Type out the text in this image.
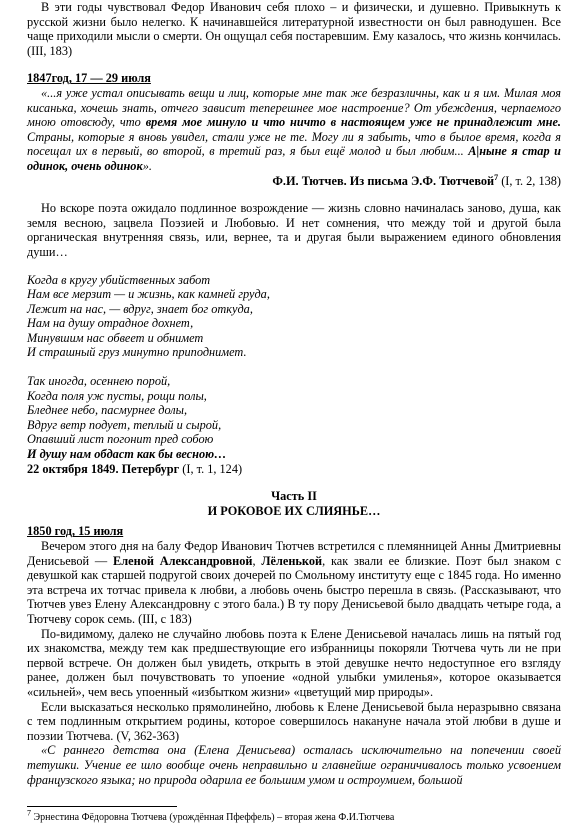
В эти годы чувствовал Федор Иванович себя плохо – и физически, и душевно. Привыкнуть к русской жизни было нелегко. К начинавшейся литературной известности он был равнодушен. Все чаще приходили мысли о смерти. Он ощущал себя постаревшим. Ему казалось, что жизнь кончилась.(III, 183)

1847год, 17 — 29 июля

«...я уже устал описывать вещи и лиц, которые мне так же безразличны, как и я им. Милая моя кисанька, хочешь знать, отчего зависит теперешнее мое настроение? От убеждения, черпаемого мною отовсюду, что время мое минуло и что ничто в настоящем уже не принадлежит мне. Страны, которые я вновь увидел, стали уже не те. Могу ли я забыть, что в былое время, когда я посещал их в первый, во второй, в третий раз, я был ещё молод и был любим... А|ныне я стар и одинок, очень одинок».

Ф.И. Тютчев. Из письма Э.Ф. Тютчевой$^7$ (I, т. 2, 138)

Но вскоре поэта ожидало подлинное возрождение — жизнь словно начиналась заново, душа, как земля весною, зацвела Поэзией и Любовью. И нет сомнения, что между той и другой была органическая внутренняя связь, или, вернее, та и другая были выражением единого обновления души…

Когда в кругу убийственных забот
Нам все мерзит — и жизнь, как камней груда,
Лежит на нас, — вдруг, знает бог откуда,
Нам на душу отрадное дохнет,
Минувшим нас обвеет и обнимет
И страшный груз минутно приподнимет.
Так иногда, осеннею порой,
Когда поля уж пусты, рощи полы,
Бледнее небо, пасмурнее долы,
Вдруг ветр подует, теплый и сырой,
Опавший лист погонит пред собою
И душу нам обдаст как бы весною…
22 октября 1849. Петербург (I, т. 1, 124)

Часть II

И РОКОВОЕ ИХ СЛИЯНЬЕ…

1850 год, 15 июля

Вечером этого дня на балу Федор Иванович Тютчев встретился с племянницей Анны Дмитриевны Денисьевой — Еленой Александровной, Лёленькой, как звали ее близкие. Поэт был знаком с девушкой как старшей подругой своих дочерей по Смольному институту еще с 1845 года. Но именно эта встреча их тотчас привела к любви, а любовь очень быстро перешла в связь. (Рассказывают, что Тютчев увез Елену Александровну с этого бала.) В ту пору Денисьевой было двадцать четыре года, а Тютчеву сорок семь. (III, с 183)

По-видимому, далеко не случайно любовь поэта к Елене Денисьевой началась лишь на пятый год их знакомства, между тем как предшествующие его избранницы покоряли Тютчева чуть ли не при первой встрече. Он должен был увидеть, открыть в этой девушке нечто недоступное его взгляду ранее, должен был почувствовать то упоение «одной улыбки умиленья», которое оказывается «сильней», чем весь упоенный «избытком жизни» «цветущий мир природы».

Если высказаться несколько прямолинейно, любовь к Елене Денисьевой была неразрывно связана с тем подлинным открытием родины, которое совершилось накануне начала этой любви в душе и поэзии Тютчева. (V, 362-363)

«С раннего детства она (Елена Денисьева) осталась исключительно на попечении своей тетушки. Учение ее шло вообще очень неправильно и главнейше ограничивалось только усвоением французского языка; но природа одарила ее большим умом и остроумием, большой

$^7$ Эрнестина Фёдоровна Тютчева (урождённая Пфеффель) – вторая жена Ф.И.Тютчева
